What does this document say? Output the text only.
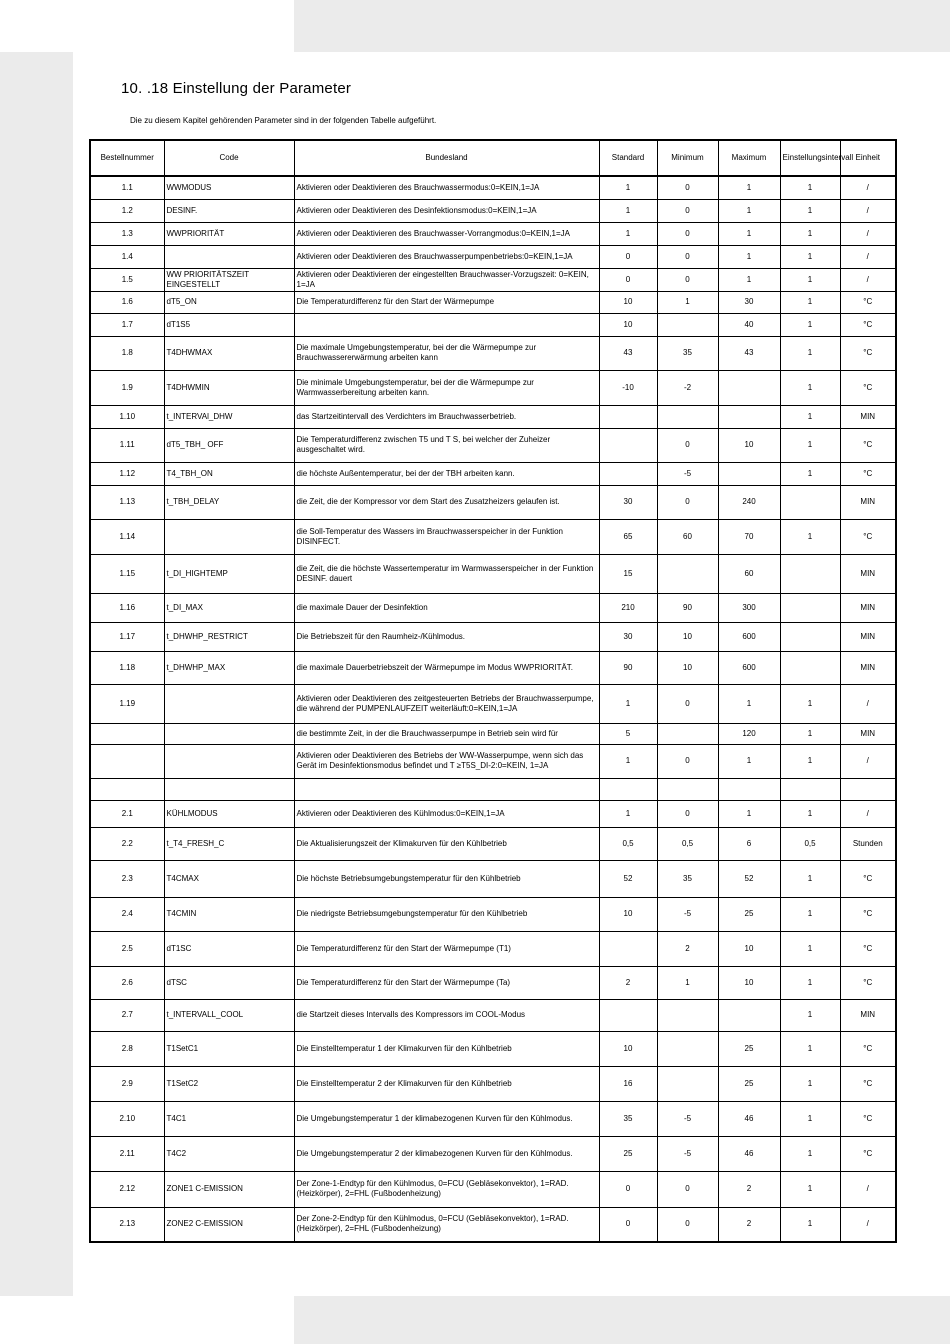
10. .18 Einstellung der Parameter
Die zu diesem Kapitel gehörenden Parameter sind in der folgenden Tabelle aufgeführt.
Bestellnummer	Code	Bundesland	Standard	Minimum	Maximum	Einstellungsintervall	Einheit
1.1	WWMODUS	Aktivieren oder Deaktivieren des Brauchwassermodus:0=KEIN,1=JA	1	0	1	1	/
1.2	DESINF.	Aktivieren oder Deaktivieren des Desinfektionsmodus:0=KEIN,1=JA	1	0	1	1	/
1.3	WWPRIORITÄT	Aktivieren oder Deaktivieren des Brauchwasser-Vorrangmodus:0=KEIN,1=JA	1	0	1	1	/
1.4		Aktivieren oder Deaktivieren des Brauchwasserpumpenbetriebs:0=KEIN,1=JA	0	0	1	1	/
1.5	WW PRIORITÄTSZEIT EINGESTELLT	Aktivieren oder Deaktivieren der eingestellten Brauchwasser-Vorzugszeit: 0=KEIN, 1=JA	0	0	1	1	/
1.6	dT5_ON	Die Temperaturdifferenz für den Start der Wärmepumpe	10	1	30	1	°C
1.7	dT1S5		10		40	1	°C
1.8	T4DHWMAX	Die maximale Umgebungstemperatur, bei der die Wärmepumpe zur Brauchwassererwärmung arbeiten kann	43	35	43	1	°C
1.9	T4DHWMIN	Die minimale Umgebungstemperatur, bei der die Wärmepumpe zur Warmwasserbereitung arbeiten kann.	-10	-2		1	°C
1.10	t_INTERVAl_DHW	das Startzeitintervall des Verdichters im Brauchwasserbetrieb.				1	MIN
1.11	dT5_TBH_ OFF	Die Temperaturdifferenz zwischen T5 und T S, bei welcher der Zuheizer ausgeschaltet wird.		0	10	1	°C
1.12	T4_TBH_ON	die höchste Außentemperatur, bei der der TBH arbeiten kann.		-5		1	°C
1.13	t_TBH_DELAY	die Zeit, die der Kompressor vor dem Start des Zusatzheizers gelaufen ist.	30	0	240		MIN
1.14		die Soll-Temperatur des Wassers im Brauchwasserspeicher in der Funktion DISINFECT.	65	60	70	1	°C
1.15	t_DI_HIGHTEMP	die Zeit, die die höchste Wassertemperatur im Warmwasserspeicher in der Funktion DESINF. dauert	15		60		MIN
1.16	t_DI_MAX	die maximale Dauer der Desinfektion	210	90	300		MIN
1.17	t_DHWHP_RESTRICT	Die Betriebszeit für den Raumheiz-/Kühlmodus.	30	10	600		MIN
1.18	t_DHWHP_MAX	die maximale Dauerbetriebszeit der Wärmepumpe im Modus WWPRIORITÄT.	90	10	600		MIN
1.19		Aktivieren oder Deaktivieren des zeitgesteuerten Betriebs der Brauchwasserpumpe, die während der PUMPENLAUFZEIT weiterläuft:0=KEIN,1=JA	1	0	1	1	/
		die bestimmte Zeit, in der die Brauchwasserpumpe in Betrieb sein wird für	5		120	1	MIN
		Aktivieren oder Deaktivieren des Betriebs der WW-Wasserpumpe, wenn sich das Gerät im Desinfektionsmodus befindet und T ≥T5S_DI-2:0=KEIN, 1=JA	1	0	1	1	/

2.1	KÜHLMODUS	Aktivieren oder Deaktivieren des Kühlmodus:0=KEIN,1=JA	1	0	1	1	/
2.2	t_T4_FRESH_C	Die Aktualisierungszeit der Klimakurven für den Kühlbetrieb	0,5	0,5	6	0,5	Stunden
2.3	T4CMAX	Die höchste Betriebsumgebungstemperatur für den Kühlbetrieb	52	35	52	1	°C
2.4	T4CMIN	Die niedrigste Betriebsumgebungstemperatur für den Kühlbetrieb	10	-5	25	1	°C
2.5	dT1SC	Die Temperaturdifferenz für den Start der Wärmepumpe (T1)		2	10	1	°C
2.6	dTSC	Die Temperaturdifferenz für den Start der Wärmepumpe (Ta)	2	1	10	1	°C
2.7	t_INTERVALL_COOL	die Startzeit dieses Intervalls des Kompressors im COOL-Modus				1	MIN
2.8	T1SetC1	Die Einstelltemperatur 1 der Klimakurven für den Kühlbetrieb	10		25	1	°C
2.9	T1SetC2	Die Einstelltemperatur 2 der Klimakurven für den Kühlbetrieb	16		25	1	°C
2.10	T4C1	Die Umgebungstemperatur 1 der klimabezogenen Kurven für den Kühlmodus.	35	-5	46	1	°C
2.11	T4C2	Die Umgebungstemperatur 2 der klimabezogenen Kurven für den Kühlmodus.	25	-5	46	1	°C
2.12	ZONE1 C-EMISSION	Der Zone-1-Endtyp für den Kühlmodus, 0=FCU (Gebläsekonvektor), 1=RAD. (Heizkörper), 2=FHL (Fußbodenheizung)	0	0	2	1	/
2.13	ZONE2 C-EMISSION	Der Zone-2-Endtyp für den Kühlmodus, 0=FCU (Gebläsekonvektor), 1=RAD. (Heizkörper), 2=FHL (Fußbodenheizung)	0	0	2	1	/
